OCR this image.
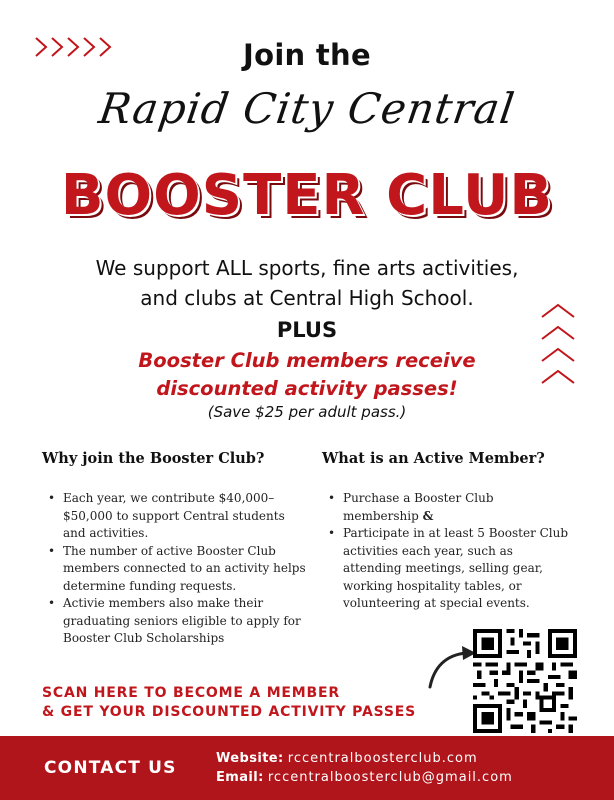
Join the
Rapid City Central
BOOSTER CLUB
We support ALL sports, fine arts activities,
and clubs at Central High School.
PLUS
Booster Club members receive
discounted activity passes!
(Save $25 per adult pass.)
Why join the Booster Club?
• Each year, we contribute $40,000–$50,000 to support Central students and activities.
• The number of active Booster Club members connected to an activity helps determine funding requests.
• Activie members also make their graduating seniors eligible to apply for Booster Club Scholarships
What is an Active Member?
• Purchase a Booster Club membership &
• Participate in at least 5 Booster Club activities each year, such as attending meetings, selling gear, working hospitality tables, or volunteering at special events.
SCAN HERE TO BECOME A MEMBER
& GET YOUR DISCOUNTED ACTIVITY PASSES
CONTACT US	Website: rccentralboosterclub.com
Email: rccentralboosterclub@gmail.com
